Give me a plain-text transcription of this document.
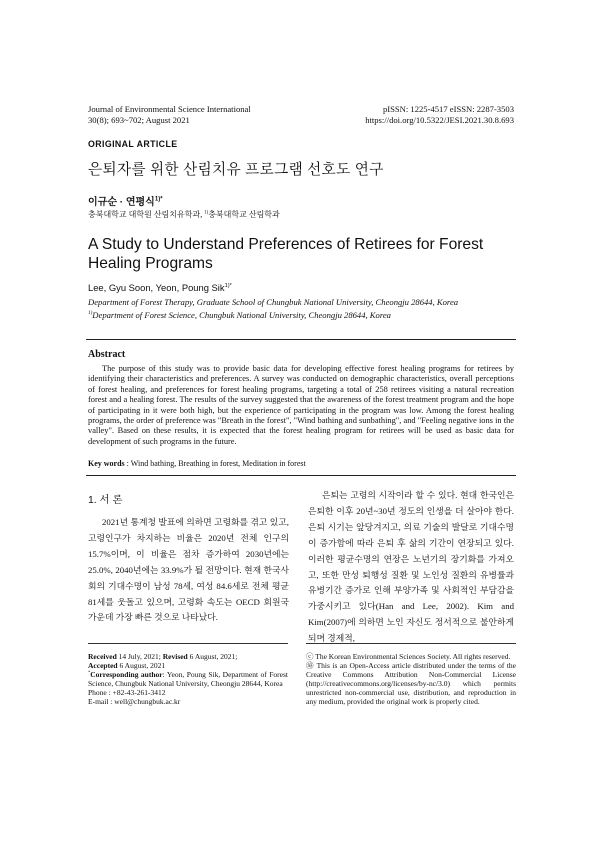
Journal of Environmental Science International
30(8); 693~702; August 2021
pISSN: 1225-4517 eISSN: 2287-3503
https://doi.org/10.5322/JESI.2021.30.8.693
ORIGINAL ARTICLE
은퇴자를 위한 산림치유 프로그램 선호도 연구
이규순 · 연평식$^{1)*}$
충북대학교 대학원 산림치유학과, $^{1)}$충북대학교 산림학과
A Study to Understand Preferences of Retirees for Forest Healing Programs
Lee, Gyu Soon, Yeon, Poung Sik$^{1)*}$
Department of Forest Therapy, Graduate School of Chungbuk National University, Cheongju 28644, Korea
$^{1)}$Department of Forest Science, Chungbuk National University, Cheongju 28644, Korea
Abstract

The purpose of this study was to provide basic data for developing effective forest healing programs for retirees by identifying their characteristics and preferences. A survey was conducted on demographic characteristics, overall perceptions of forest healing, and preferences for forest healing programs, targeting a total of 258 retirees visiting a natural recreation forest and a healing forest. The results of the survey suggested that the awareness of the forest treatment program and the hope of participating in it were both high, but the experience of participating in the program was low. Among the forest healing programs, the order of preference was "Breath in the forest", "Wind bathing and sunbathing", and "Feeling negative ions in the valley". Based on these results, it is expected that the forest healing program for retirees will be used as basic data for development of such programs in the future.

Key words : Wind bathing, Breathing in forest, Meditation in forest
1. 서 론

2021년 통계청 발표에 의하면 고령화를 겪고 있고, 고령인구가 차지하는 비율은 2020년 전체 인구의 15.7%이며, 이 비율은 점차 증가하여 2030년에는 25.0%, 2040년에는 33.9%가 될 전망이다. 현재 한국사회의 기대수명이 남성 78세, 여성 84.6세로 전체 평균 81세를 웃돌고 있으며, 고령화 속도는 OECD 회원국 가운데 가장 빠른 것으로 나타났다.

은퇴는 고령의 시작이라 할 수 있다. 현대 한국인은 은퇴한 이후 20년~30년 정도의 인생을 더 살아야 한다. 은퇴 시기는 앞당겨지고, 의료 기술의 발달로 기대수명이 증가함에 따라 은퇴 후 삶의 기간이 연장되고 있다. 이러한 평균수명의 연장은 노년기의 장기화를 가져오고, 또한 만성 퇴행성 질환 및 노인성 질환의 유병률과 유병기간 증가로 인해 부양가족 및 사회적인 부담감을 가중시키고 있다(Han and Lee, 2002). Kim and Kim(2007)에 의하면 노인 자신도 정서적으로 불안하게 되며 경제적,

Received 14 July, 2021; Revised 6 August, 2021;
Accepted 6 August, 2021
*Corresponding author: Yeon, Poung Sik, Department of Forest Science, Chungbuk National University, Cheongju 28644, Korea
Phone : +82-43-261-3412
E-mail : well@chungbuk.ac.kr
ⓒ The Korean Environmental Sciences Society. All rights reserved.
㉷ This is an Open-Access article distributed under the terms of the Creative Commons Attribution Non-Commercial License (http://creativecommons.org/licenses/by-nc/3.0) which permits unrestricted non-commercial use, distribution, and reproduction in any medium, provided the original work is properly cited.
